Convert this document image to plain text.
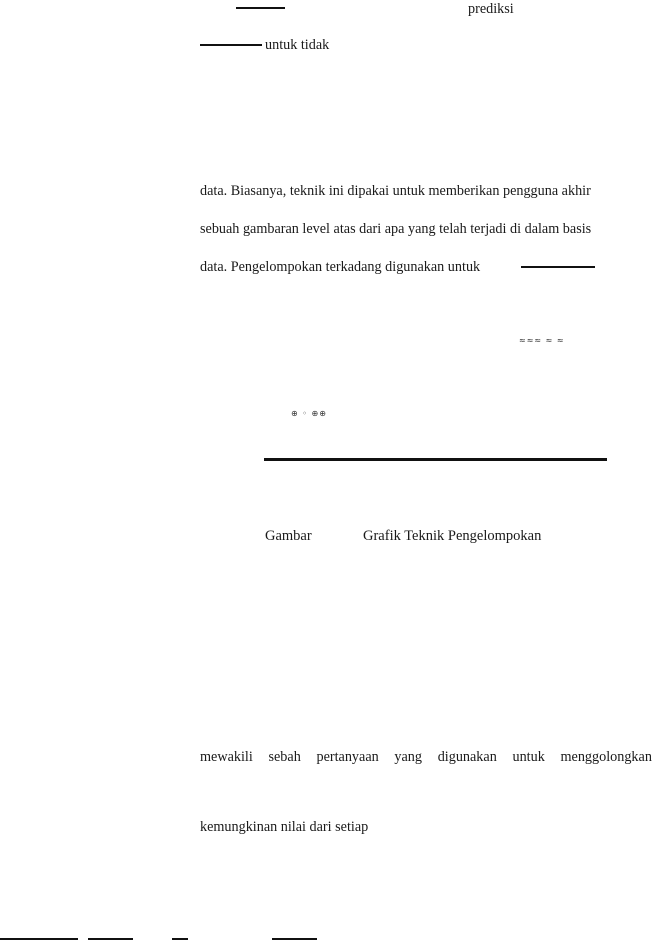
prediksi
untuk tidak
data. Biasanya, teknik ini dipakai untuk memberikan pengguna akhir
sebuah gambaran level atas dari apa yang telah terjadi di dalam basis
data. Pengelompokan terkadang digunakan untuk
≈≈≈ ≈ ≈
⊕ ◦ ⊕⊕
Gambar	Grafik Teknik Pengelompokan
mewakili sebah pertanyaan yang digunakan untuk menggolongkan
kemungkinan nilai dari setiap
